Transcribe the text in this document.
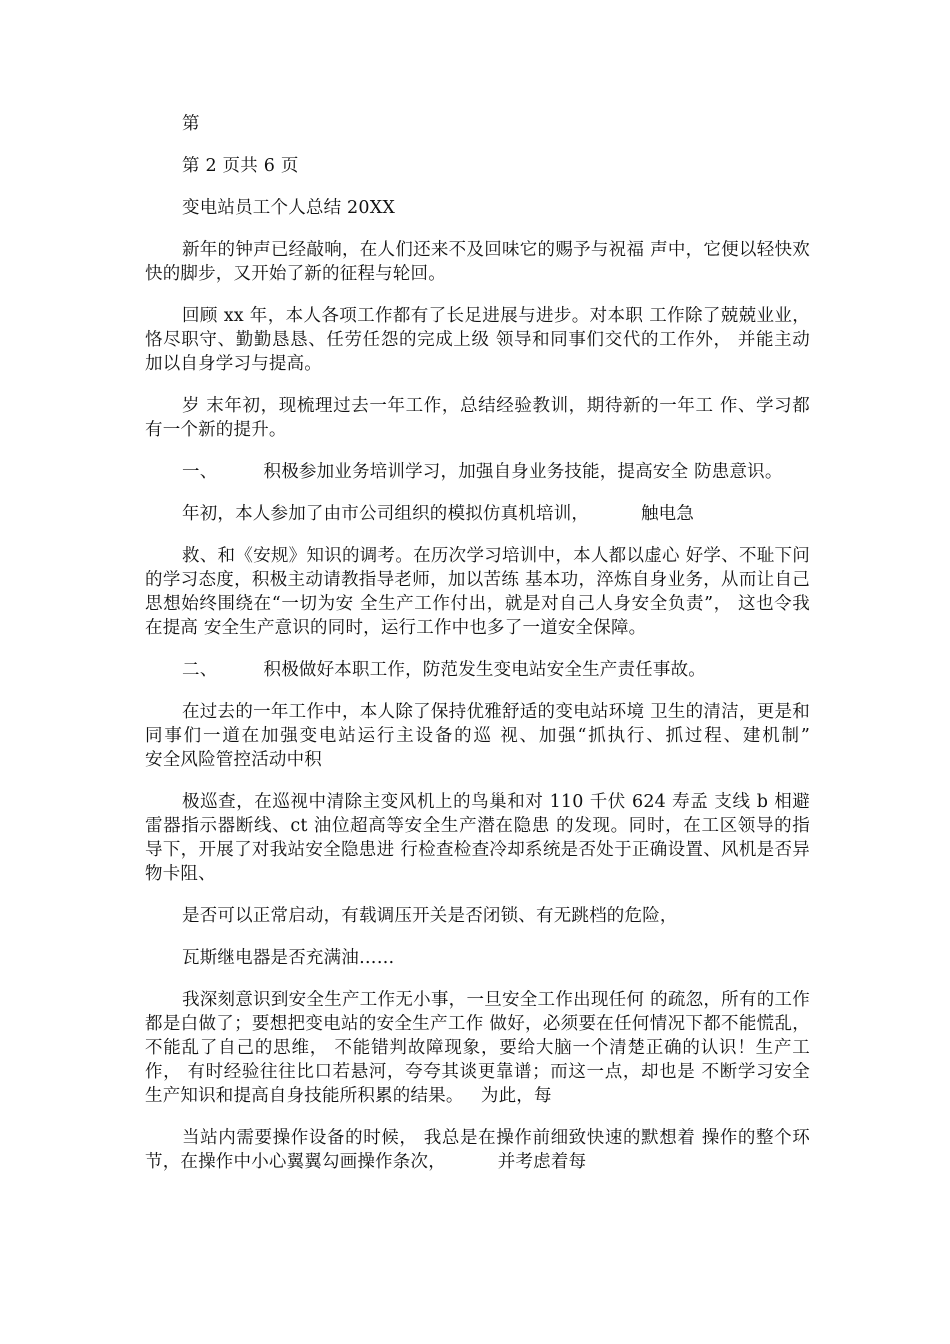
第

第 2 页共 6 页

变电站员工个人总结 20XX

新年的钟声已经敲响，在人们还来不及回味它的赐予与祝福 声中，它便以轻快欢快的脚步，又开始了新的征程与轮回。

回顾 xx 年，本人各项工作都有了长足进展与进步。对本职 工作除了兢兢业业，恪尽职守、勤勤恳恳、任劳任怨的完成上级 领导和同事们交代的工作外， 并能主动加以自身学习与提高。

岁 末年初，现梳理过去一年工作，总结经验教训，期待新的一年工 作、学习都有一个新的提升。

一、        积极参加业务培训学习，加强自身业务技能，提高安全 防患意识。

年初，本人参加了由市公司组织的模拟仿真机培训，         触电急

救、和《安规》知识的调考。在历次学习培训中，本人都以虚心 好学、不耻下问的学习态度，积极主动请教指导老师，加以苦练 基本功，淬炼自身业务，从而让自己思想始终围绕在“一切为安 全生产工作付出，就是对自己人身安全负责”， 这也令我在提高 安全生产意识的同时，运行工作中也多了一道安全保障。

二、        积极做好本职工作，防范发生变电站安全生产责任事故。

在过去的一年工作中，本人除了保持优雅舒适的变电站环境 卫生的清洁，更是和同事们一道在加强变电站运行主设备的巡 视、加强“抓执行、抓过程、建机制”          安全风险管控活动中积

极巡查，在巡视中清除主变风机上的鸟巢和对 110 千伏 624 寿孟 支线 b 相避雷器指示器断线、ct 油位超高等安全生产潜在隐患 的发现。同时，在工区领导的指导下，开展了对我站安全隐患进 行检查检查冷却系统是否处于正确设置、风机是否异物卡阻、

是否可以正常启动，有载调压开关是否闭锁、有无跳档的危险，

瓦斯继电器是否充满油……

我深刻意识到安全生产工作无小事，一旦安全工作出现任何 的疏忽，所有的工作都是白做了；要想把变电站的安全生产工作 做好，必须要在任何情况下都不能慌乱，不能乱了自己的思维， 不能错判故障现象，要给大脑一个清楚正确的认识！生产工作， 有时经验往往比口若悬河，夸夸其谈更靠谱；而这一点，却也是 不断学习安全生产知识和提高自身技能所积累的结果。   为此，每

当站内需要操作设备的时候， 我总是在操作前细致快速的默想着 操作的整个环节，在操作中小心翼翼勾画操作条次，         并考虑着每
